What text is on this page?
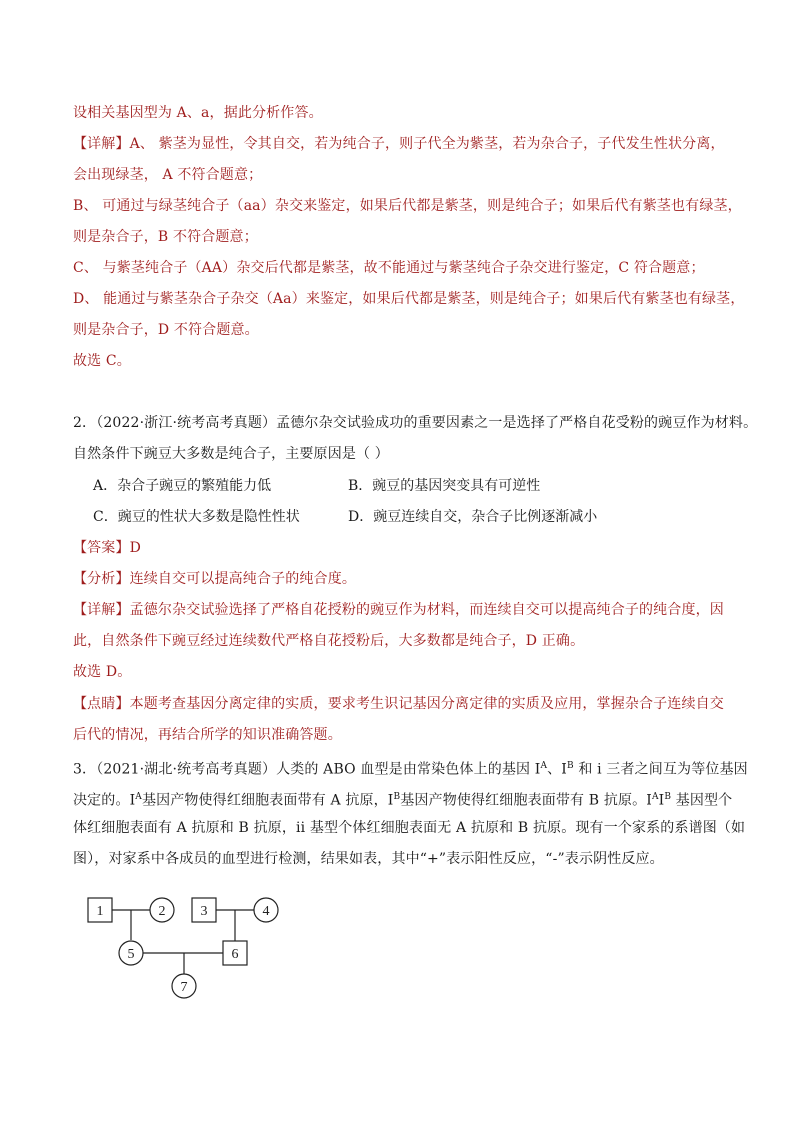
设相关基因型为 A、a，据此分析作答。
【详解】A、 紫茎为显性，令其自交，若为纯合子，则子代全为紫茎，若为杂合子，子代发生性状分离，
会出现绿茎， A 不符合题意；
B、 可通过与绿茎纯合子（aa）杂交来鉴定，如果后代都是紫茎，则是纯合子；如果后代有紫茎也有绿茎，
则是杂合子，B 不符合题意；
C、 与紫茎纯合子（AA）杂交后代都是紫茎，故不能通过与紫茎纯合子杂交进行鉴定，C 符合题意；
D、 能通过与紫茎杂合子杂交（Aa）来鉴定，如果后代都是紫茎，则是纯合子；如果后代有紫茎也有绿茎，
则是杂合子，D 不符合题意。
故选 C。
2．（2022·浙江·统考高考真题）孟德尔杂交试验成功的重要因素之一是选择了严格自花受粉的豌豆作为材料。
自然条件下豌豆大多数是纯合子，主要原因是（ ）
A．杂合子豌豆的繁殖能力低	B．豌豆的基因突变具有可逆性
C．豌豆的性状大多数是隐性性状	D．豌豆连续自交，杂合子比例逐渐减小
【答案】D
【分析】连续自交可以提高纯合子的纯合度。
【详解】孟德尔杂交试验选择了严格自花授粉的豌豆作为材料，而连续自交可以提高纯合子的纯合度，因
此，自然条件下豌豆经过连续数代严格自花授粉后，大多数都是纯合子，D 正确。
故选 D。
【点睛】本题考查基因分离定律的实质，要求考生识记基因分离定律的实质及应用，掌握杂合子连续自交
后代的情况，再结合所学的知识准确答题。
3．（2021·湖北·统考高考真题）人类的 ABO 血型是由常染色体上的基因 $I^A$、$I^B$ 和 i 三者之间互为等位基因
决定的。$I^A$基因产物使得红细胞表面带有 A 抗原，$I^B$基因产物使得红细胞表面带有 B 抗原。$I^AI^B$ 基因型个
体红细胞表面有 A 抗原和 B 抗原，ii 基型个体红细胞表面无 A 抗原和 B 抗原。现有一个家系的系谱图（如
图），对家系中各成员的血型进行检测，结果如表，其中“+”表示阳性反应，“-”表示阴性反应。
1	2	3	4
5	6
7
